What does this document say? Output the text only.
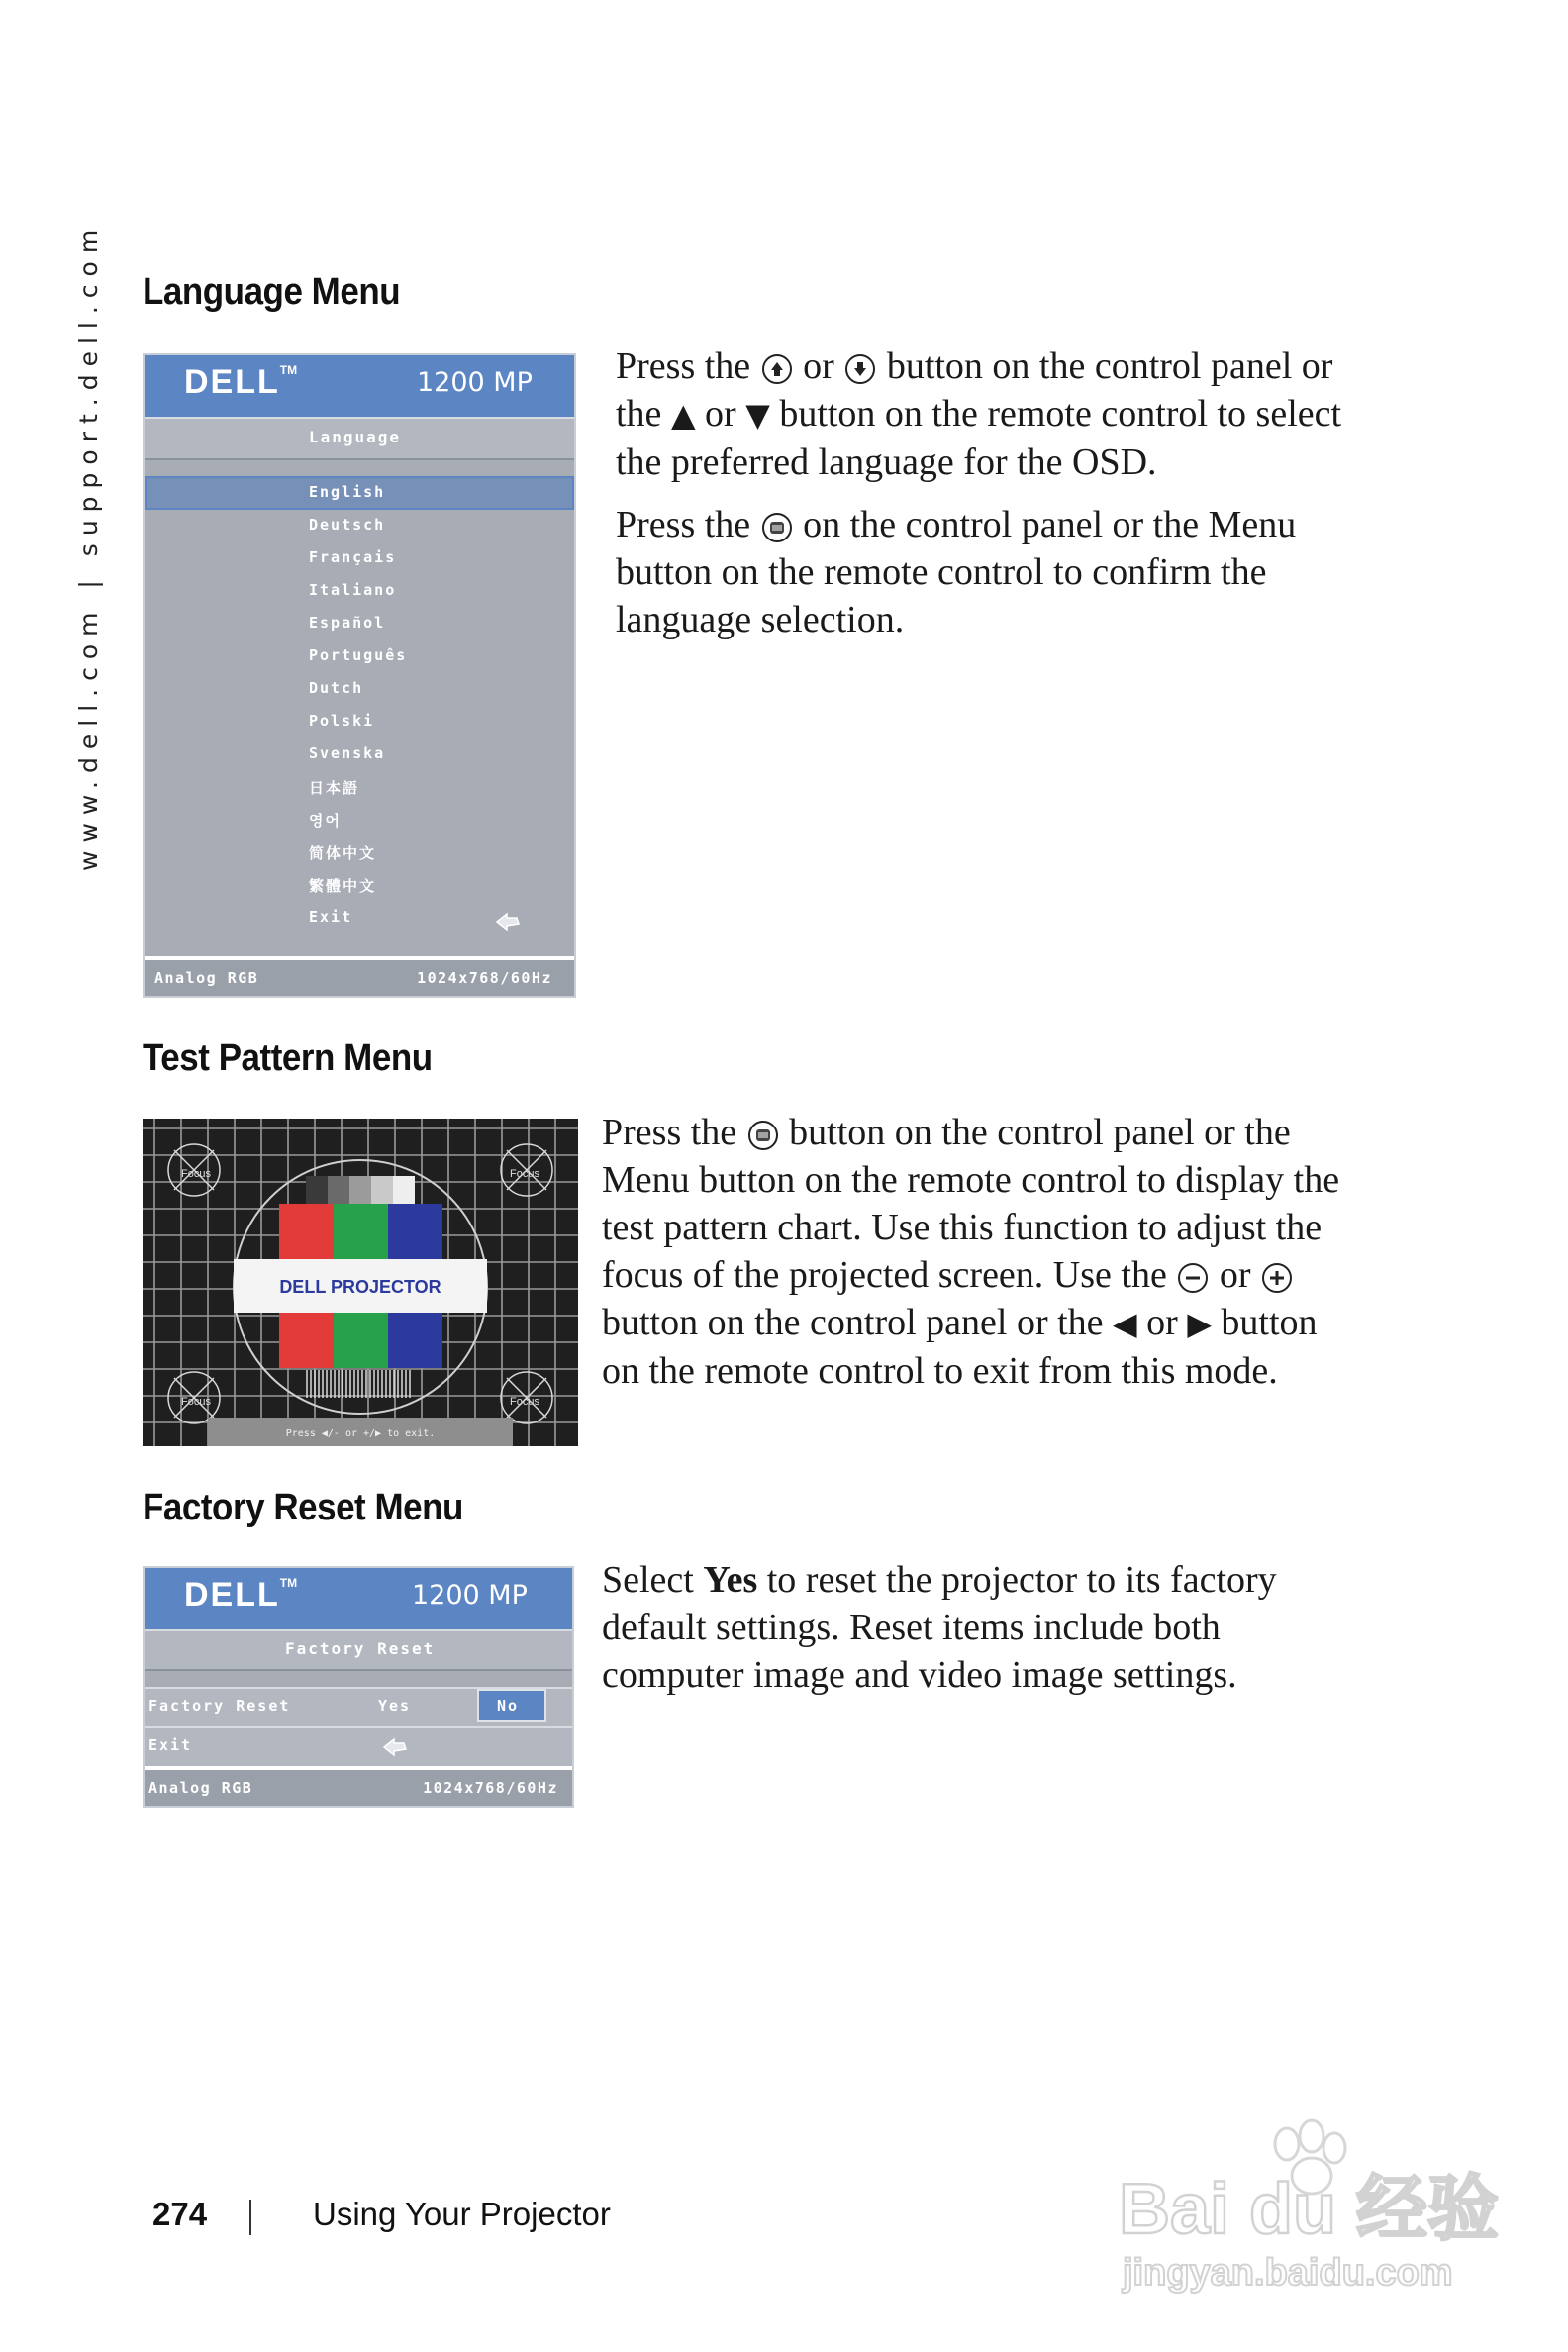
www.dell.com | support.dell.com Language Menu
DELL™	1200 MP
Language
English
Deutsch
Français
Italiano
Español
Português
Dutch
Polski
Svenska
日本語
영어
简体中文
繁體中文
Exit
Analog RGB	1024x768/60Hz
Press the or button on the control panel or the ▲ or ▼ button on the remote control to select the preferred language for the OSD.
Press the on the control panel or the Menu button on the remote control to confirm the language selection.
Test Pattern Menu
DELL PROJECTOR
Focus	Focus
Focus	Focus
Press ◀/- or +/▶ to exit.
Press the button on the control panel or the Menu button on the remote control to display the test pattern chart. Use this function to adjust the focus of the projected screen. Use the or  button on the control panel or the ◀ or ▶ button on the remote control to exit from this mode.
Factory Reset Menu
DELL™	1200 MP
Factory Reset
Factory Reset	Yes	No
Exit
Analog RGB	1024x768/60Hz
Select Yes to reset the projector to its factory default settings. Reset items include both computer image and video image settings.
274	Using Your Projector	Bai du 经验
jingyan.baidu.com
